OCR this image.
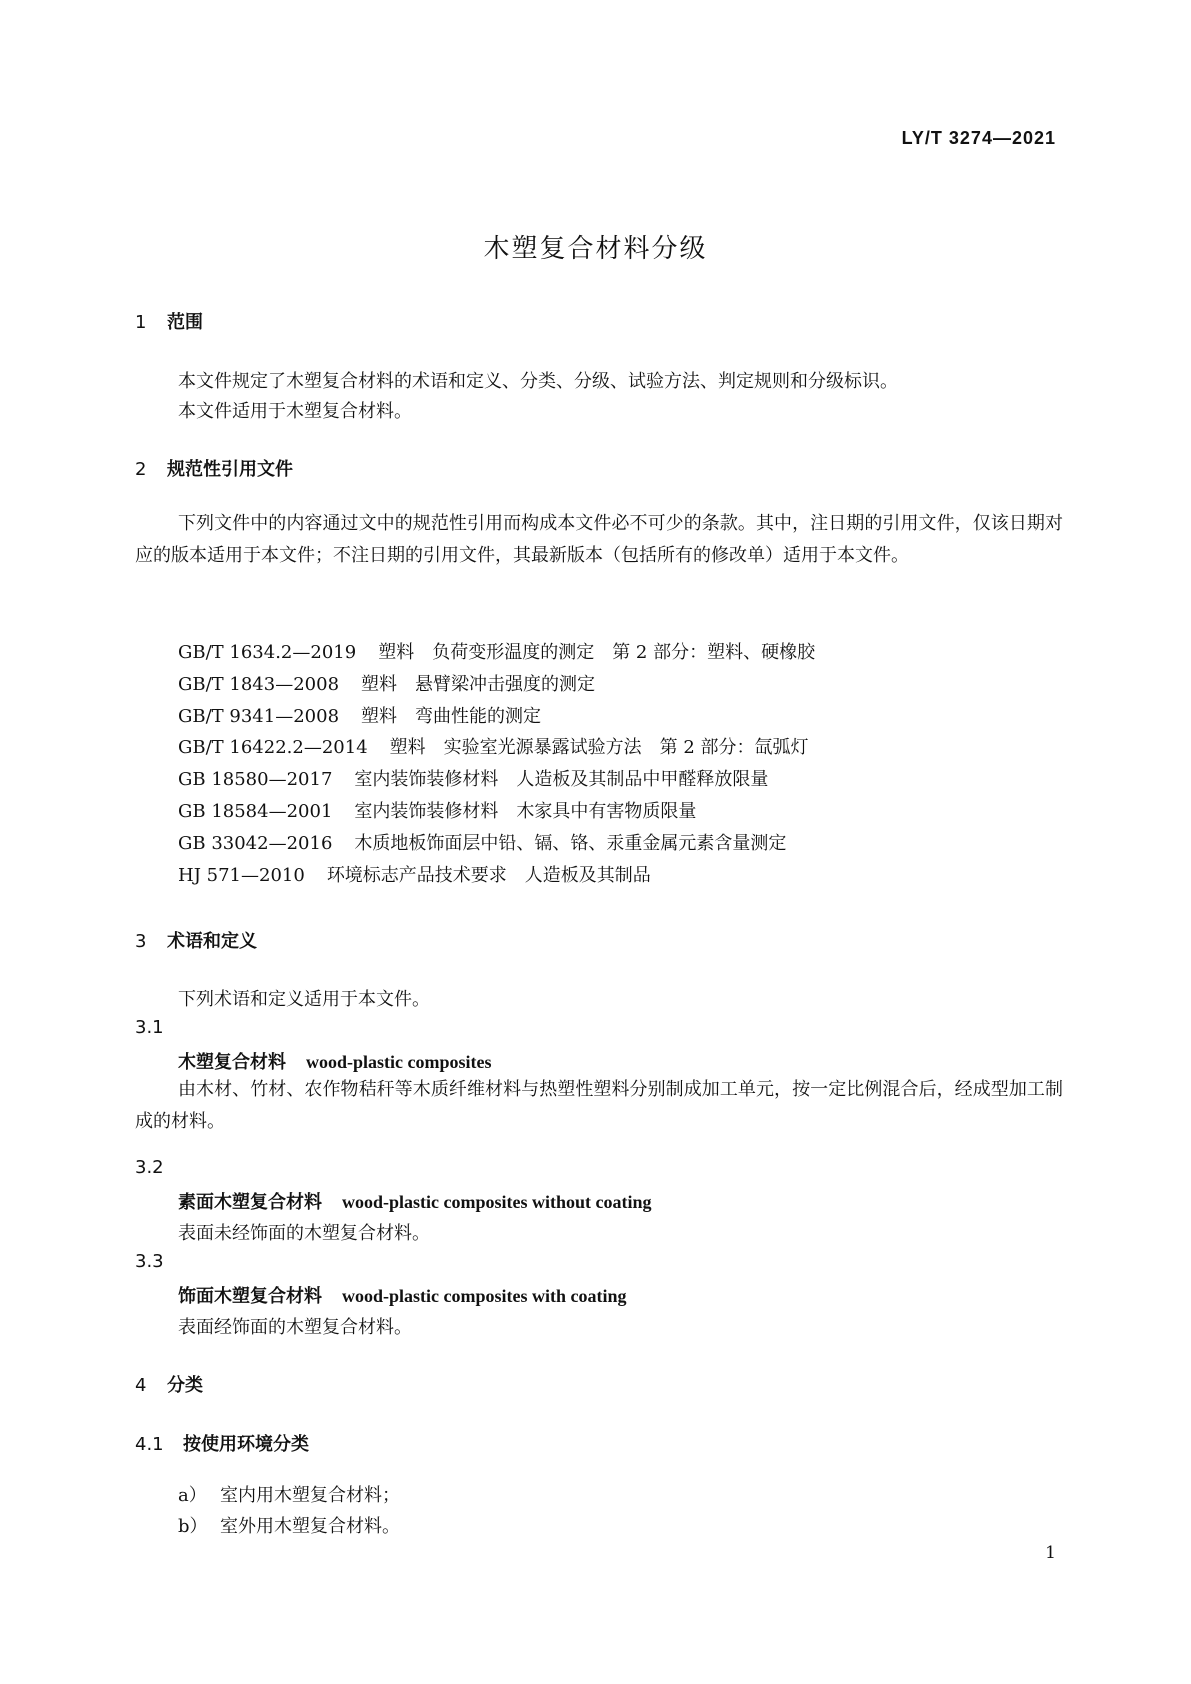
LY/T 3274—2021
木塑复合材料分级
1 范围
本文件规定了木塑复合材料的术语和定义、分类、分级、试验方法、判定规则和分级标识。
本文件适用于木塑复合材料。
2 规范性引用文件
下列文件中的内容通过文中的规范性引用而构成本文件必不可少的条款。其中，注日期的引用文件，仅该日期对应的版本适用于本文件；不注日期的引用文件，其最新版本（包括所有的修改单）适用于本文件。
GB/T 1634.2—2019 塑料　负荷变形温度的测定　第 2 部分：塑料、硬橡胶
GB/T 1843—2008 塑料　悬臂梁冲击强度的测定
GB/T 9341—2008 塑料　弯曲性能的测定
GB/T 16422.2—2014 塑料　实验室光源暴露试验方法　第 2 部分：氙弧灯
GB 18580—2017 室内装饰装修材料　人造板及其制品中甲醛释放限量
GB 18584—2001 室内装饰装修材料　木家具中有害物质限量
GB 33042—2016 木质地板饰面层中铅、镉、铬、汞重金属元素含量测定
HJ 571—2010 环境标志产品技术要求　人造板及其制品
3 术语和定义
下列术语和定义适用于本文件。
3.1
木塑复合材料 wood-plastic composites
由木材、竹材、农作物秸秆等木质纤维材料与热塑性塑料分别制成加工单元，按一定比例混合后，经成型加工制成的材料。
3.2
素面木塑复合材料 wood-plastic composites without coating
表面未经饰面的木塑复合材料。
3.3
饰面木塑复合材料 wood-plastic composites with coating
表面经饰面的木塑复合材料。
4 分类
4.1 按使用环境分类
a） 室内用木塑复合材料；
b） 室外用木塑复合材料。
1
